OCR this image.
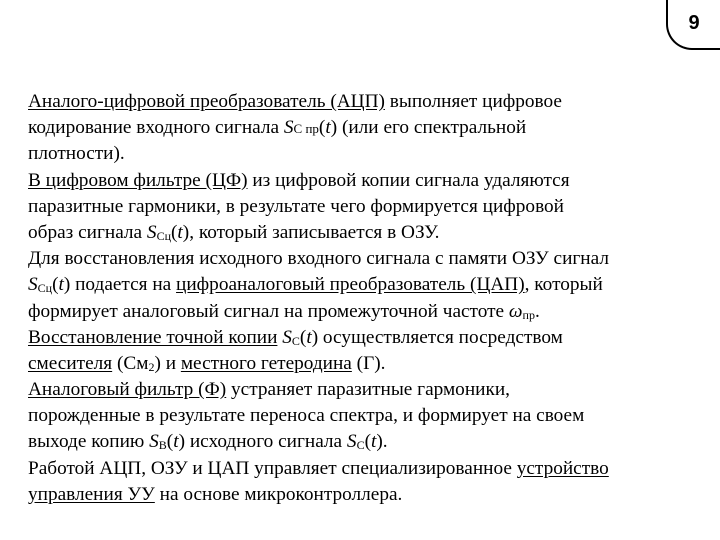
9
Аналого-цифровой преобразователь (АЦП) выполняет цифровое
кодирование входного сигнала SС пр(t) (или его спектральной
плотности).
В цифровом фильтре (ЦФ) из цифровой копии сигнала удаляются
паразитные гармоники, в результате чего формируется цифровой
образ сигнала SСц(t), который записывается в ОЗУ.
Для восстановления исходного входного сигнала с памяти ОЗУ сигнал
SСц(t) подается на цифроаналоговый преобразователь (ЦАП), который
формирует аналоговый сигнал на промежуточной частоте ωпр.
Восстановление точной копии SС(t) осуществляется посредством
смесителя (См2) и местного гетеродина (Г).
Аналоговый фильтр (Ф) устраняет паразитные гармоники,
порожденные в результате переноса спектра, и формирует на своем
выходе копию SВ(t) исходного сигнала SС(t).
Работой АЦП, ОЗУ и ЦАП управляет специализированное устройство
управления УУ на основе микроконтроллера.
